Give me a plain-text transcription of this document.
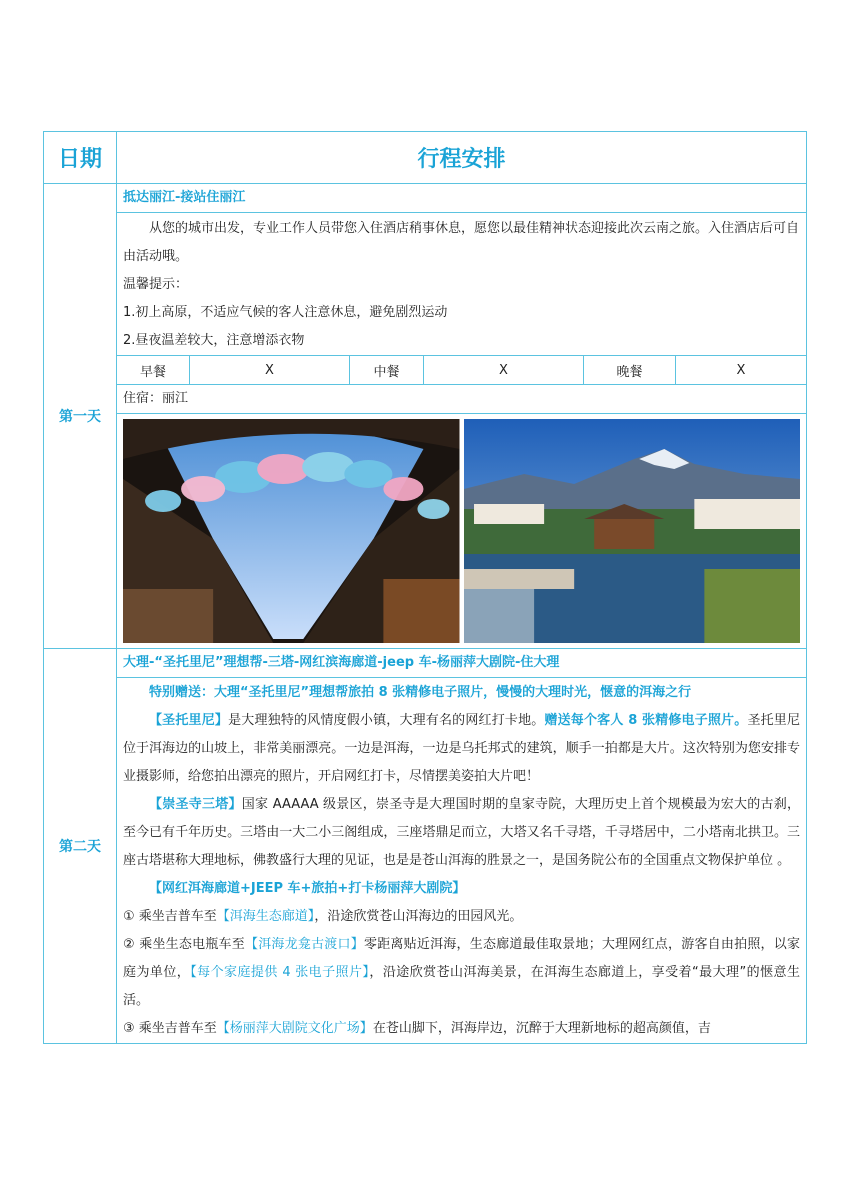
日期	行程安排
第一天
抵达丽江-接站住丽江
从您的城市出发，专业工作人员带您入住酒店稍事休息，愿您以最佳精神状态迎接此次云南之旅。入住酒店后可自由活动哦。
温馨提示：
1.初上高原，不适应气候的客人注意休息，避免剧烈运动
2.昼夜温差较大，注意增添衣物
早餐	X	中餐	X	晚餐	X
住宿：丽江
第二天
大理-“圣托里尼”理想帮-三塔-网红滨海廊道-jeep 车-杨丽萍大剧院-住大理
特别赠送：大理“圣托里尼”理想帮旅拍 8 张精修电子照片，慢慢的大理时光，惬意的洱海之行
【圣托里尼】是大理独特的风情度假小镇，大理有名的网红打卡地。赠送每个客人 8 张精修电子照片。圣托里尼位于洱海边的山坡上，非常美丽漂亮。一边是洱海，一边是乌托邦式的建筑，顺手一拍都是大片。这次特别为您安排专业摄影师，给您拍出漂亮的照片，开启网红打卡，尽情摆美姿拍大片吧！
【崇圣寺三塔】国家 AAAAA 级景区，崇圣寺是大理国时期的皇家寺院，大理历史上首个规模最为宏大的古刹，至今已有千年历史。三塔由一大二小三阁组成，三座塔鼎足而立，大塔又名千寻塔，千寻塔居中，二小塔南北拱卫。三座古塔堪称大理地标，佛教盛行大理的见证，也是是苍山洱海的胜景之一，是国务院公布的全国重点文物保护单位 。
【网红洱海廊道+JEEP 车+旅拍+打卡杨丽萍大剧院】
① 乘坐吉普车至【洱海生态廊道】，沿途欣赏苍山洱海边的田园风光。
② 乘坐生态电瓶车至【洱海龙龛古渡口】零距离贴近洱海，生态廊道最佳取景地；大理网红点，游客自由拍照，以家庭为单位，【每个家庭提供 4 张电子照片】，沿途欣赏苍山洱海美景，在洱海生态廊道上，享受着“最大理”的惬意生活。
③ 乘坐吉普车至【杨丽萍大剧院文化广场】在苍山脚下，洱海岸边，沉醉于大理新地标的超高颜值，吉
